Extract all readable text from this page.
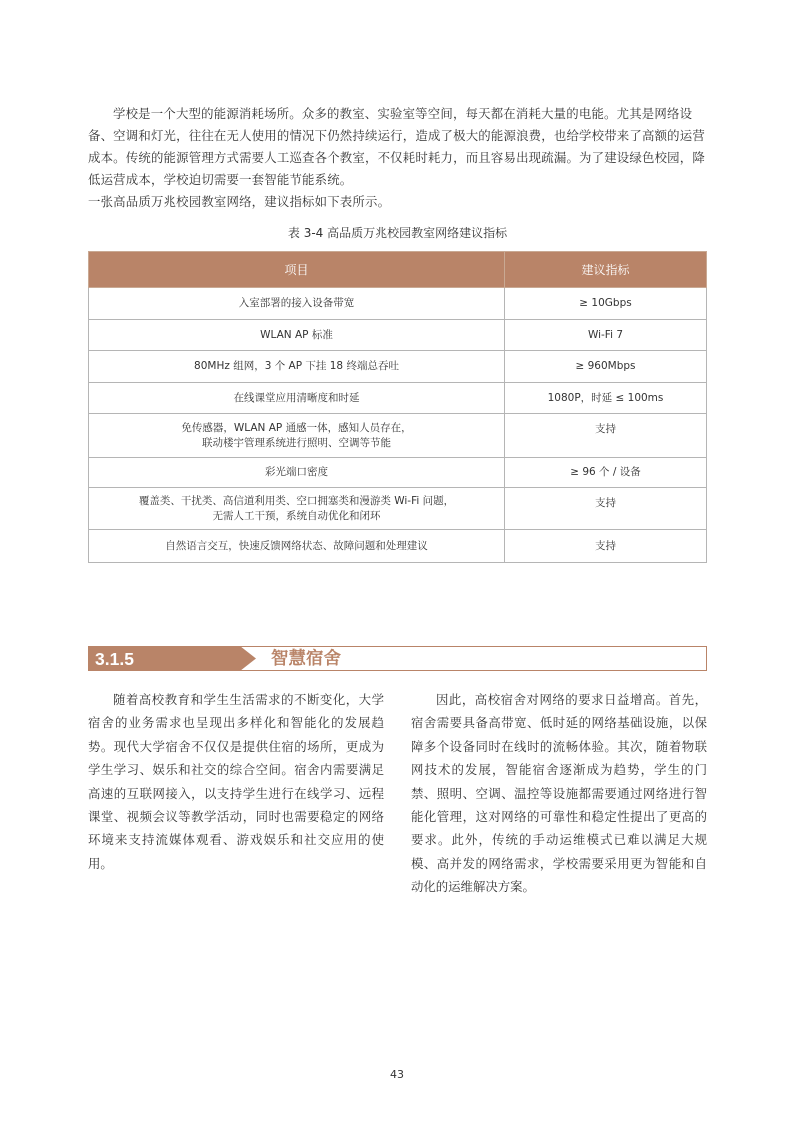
学校是一个大型的能源消耗场所。众多的教室、实验室等空间，每天都在消耗大量的电能。尤其是网络设备、空调和灯光，往往在无人使用的情况下仍然持续运行，造成了极大的能源浪费，也给学校带来了高额的运营成本。传统的能源管理方式需要人工巡查各个教室，不仅耗时耗力，而且容易出现疏漏。为了建设绿色校园，降低运营成本，学校迫切需要一套智能节能系统。

一张高品质万兆校园教室网络，建议指标如下表所示。

表 3-4 高品质万兆校园教室网络建议指标
项目	建议指标
入室部署的接入设备带宽	≥ 10Gbps
WLAN AP 标准	Wi-Fi 7
80MHz 组网，3 个 AP 下挂 18 终端总吞吐	≥ 960Mbps
在线课堂应用清晰度和时延	1080P，时延 ≤ 100ms
免传感器，WLAN AP 通感一体，感知人员存在，
联动楼宇管理系统进行照明、空调等节能	支持
彩光端口密度	≥ 96 个 / 设备
覆盖类、干扰类、高信道利用类、空口拥塞类和漫游类 Wi-Fi 问题，
无需人工干预，系统自动优化和闭环	支持
自然语言交互，快速反馈网络状态、故障问题和处理建议	支持
3.1.5	智慧宿舍

随着高校教育和学生生活需求的不断变化，大学宿舍的业务需求也呈现出多样化和智能化的发展趋势。现代大学宿舍不仅仅是提供住宿的场所，更成为学生学习、娱乐和社交的综合空间。宿舍内需要满足高速的互联网接入，以支持学生进行在线学习、远程课堂、视频会议等教学活动，同时也需要稳定的网络环境来支持流媒体观看、游戏娱乐和社交应用的使用。

因此，高校宿舍对网络的要求日益增高。首先，宿舍需要具备高带宽、低时延的网络基础设施，以保障多个设备同时在线时的流畅体验。其次，随着物联网技术的发展，智能宿舍逐渐成为趋势，学生的门禁、照明、空调、温控等设施都需要通过网络进行智能化管理，这对网络的可靠性和稳定性提出了更高的要求。此外，传统的手动运维模式已难以满足大规模、高并发的网络需求，学校需要采用更为智能和自动化的运维解决方案。

43
